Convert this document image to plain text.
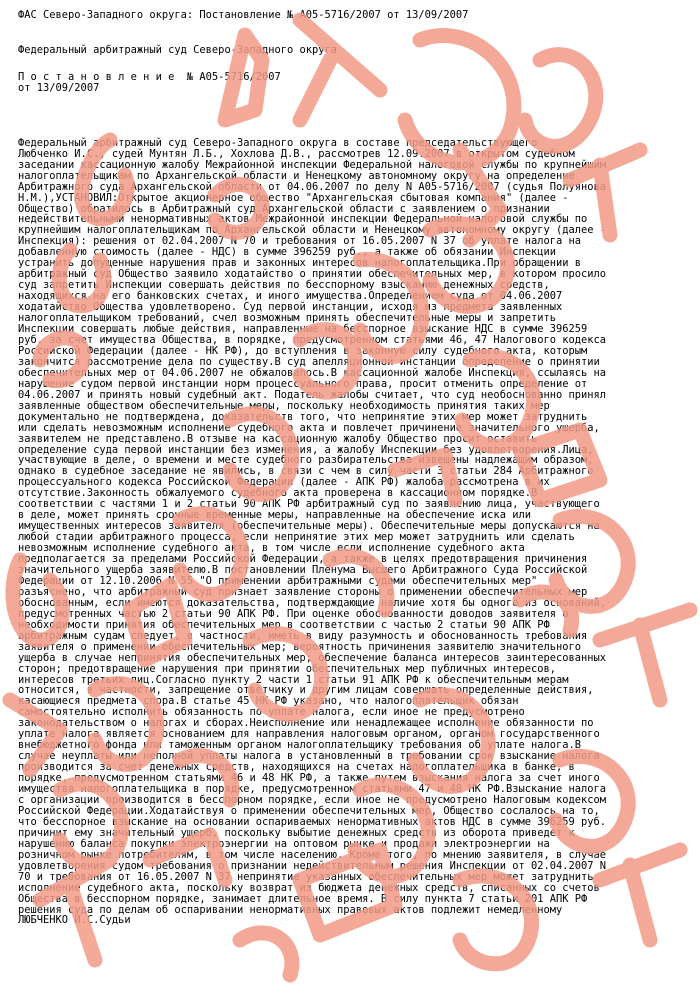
ФАС Северо-Западного округа: Постановление № А05-5716/2007 от 13/09/2007
Федеральный арбитражный суд Северо-Западного округа
П о с т а н о в л е н и е  № А05-5716/2007
от 13/09/2007
Федеральный арбитражный суд Северо-Западного округа в составе председательствующего
Любченко И.С., судей Мунтян Л.Б., Хохлова Д.В., рассмотрев 12.09.2007 в открытом судебном
заседании кассационную жалобу Межрайонной инспекции Федеральной налоговой службы по крупнейшим
налогоплательщикам по Архангельской области и Ненецкому автономному округу на определение
Арбитражного суда Архангельской области от 04.06.2007 по делу N А05-5716/2007 (судья Полуянова
Н.М.),УСТАНОВИЛ:Открытое акционерное общество "Архангельская сбытовая компания" (далее -
Общество) обратилось в Арбитражный суд Архангельской области с заявлением о признании
недействительными ненормативных актов Межрайонной инспекции Федеральной налоговой службы по
крупнейшим налогоплательщикам по Архангельской области и Ненецкому автономному округу (далее -
Инспекция): решения от 02.04.2007 N 70 и требования от 16.05.2007 N 37 об уплате налога на
добавленную стоимость (далее - НДС) в сумме 396259 руб., а также об обязании Инспекции
устранить допущенные нарушения прав и законных интересов налогоплательщика.При обращении в
арбитражный суд Общество заявило ходатайство о принятии обеспечительных мер, в котором просило
суд запретить Инспекции совершать действия по бесспорному взысканию денежных средств,
находящихся на его банковских счетах, и иного имущества.Определением суда от 04.06.2007
ходатайство Общества удовлетворено. Суд первой инстанции, исходя из предмета заявленных
налогоплательщиком требований, счел возможным принять обеспечительные меры и запретить
Инспекции совершать любые действия, направленные на бесспорное взыскание НДС в сумме 396259
руб. за счет имущества Общества, в порядке, предусмотренном статьями 46, 47 Налогового кодекса
Российской Федерации (далее - НК РФ), до вступления в законную силу судебного акта, которым
закончится рассмотрение дела по существу.В суд апелляционной инстанции определение о принятии
обеспечительных мер от 04.06.2007 не обжаловалось.В кассационной жалобе Инспекция, ссылаясь на
нарушение судом первой инстанции норм процессуального права, просит отменить определение от
04.06.2007 и принять новый судебный акт. Податель жалобы считает, что суд необоснованно принял
заявленные обществом обеспечительные меры, поскольку необходимость принятия таких мер
документально не подтверждена, доказательств того, что непринятие этих мер может затруднить
или сделать невозможным исполнение судебного акта и повлечет причинение значительного ущерба,
заявителем не представлено.В отзыве на кассационную жалобу Общество просит оставить
определение суда первой инстанции без изменения, а жалобу Инспекции без удовлетворения.Лица,
участвующие в деле, о времени и месте судебного разбирательства извещены надлежащим образом,
однако в судебное заседание не явились, в связи с чем в силу части 3 статьи 284 Арбитражного
процессуального кодекса Российской Федерации (далее - АПК РФ) жалоба рассмотрена в их
отсутствие.Законность обжалуемого судебного акта проверена в кассационном порядке.В
соответствии с частями 1 и 2 статьи 90 АПК РФ арбитражный суд по заявлению лица, участвующего
в деле, может принять срочные временные меры, направленные на обеспечение иска или
имущественных интересов заявителя (обеспечительные меры). Обеспечительные меры допускаются на
любой стадии арбитражного процесса, если непринятие этих мер может затруднить или сделать
невозможным исполнение судебного акта, в том числе если исполнение судебного акта
предполагается за пределами Российской Федерации, а также в целях предотвращения причинения
значительного ущерба заявителю.В постановлении Пленума Высшего Арбитражного Суда Российской
Федерации от 12.10.2006 N 55 "О применении арбитражными судами обеспечительных мер"
разъяснено, что арбитражный суд признает заявление стороны о применении обеспечительных мер
обоснованным, если имеются доказательства, подтверждающие наличие хотя бы одного из оснований,
предусмотренных частью 2 статьи 90 АПК РФ. При оценке обоснованности доводов заявителя о
необходимости принятия обеспечительных мер в соответствии с частью 2 статьи 90 АПК РФ
арбитражным судам следует, в частности, иметь в виду разумность и обоснованность требования
заявителя о применении обеспечительных мер; вероятность причинения заявителю значительного
ущерба в случае непринятия обеспечительных мер; обеспечение баланса интересов заинтересованных
сторон; предотвращение нарушения при принятии обеспечительных мер публичных интересов,
интересов третьих лиц.Согласно пункту 2 части 1 статьи 91 АПК РФ к обеспечительным мерам
относится, в частности, запрещение ответчику и другим лицам совершать определенные действия,
касающиеся предмета спора.В статье 45 НК РФ указано, что налогоплательщик обязан
самостоятельно исполнить обязанность по уплате налога, если иное не предусмотрено
законодательством о налогах и сборах.Неисполнение или ненадлежащее исполнение обязанности по
уплате налога является основанием для направления налоговым органом, органом государственного
внебюджетного фонда или таможенным органом налогоплательщику требования об уплате налога.В
случае неуплаты или неполной уплаты налога в установленный в требовании срок взыскание налога
производится за счет денежных средств, находящихся на счетах налогоплательщика в банке, в
порядке, предусмотренном статьями 46 и 48 НК РФ, а также путем взыскания налога за счет иного
имущества налогоплательщика в порядке, предусмотренном статьями 47 и 48 НК РФ.Взыскание налога
с организации производится в бесспорном порядке, если иное не предусмотрено Налоговым кодексом
Российской Федерации.Ходатайствуя о применении обеспечительных мер, Общество сослалось на то,
что бесспорное взыскание на основании оспариваемых ненормативных актов НДС в сумме 396259 руб.
причинит ему значительный ущерб, поскольку выбытие денежных средств из оборота приведет к
нарушению баланса покупки электроэнергии на оптовом рынке и продажи электроэнергии на
розничном рынке потребителям, в том числе населению. Кроме того, по мнению заявителя, в случае
удовлетворения судом требования о признании недействительным решения Инспекции от 02.04.2007 N
70 и требования от 16.05.2007 N 37 непринятие указанных обеспечительных мер может затруднить
исполнение судебного акта, поскольку возврат из бюджета денежных средств, списанных со счетов
Общества в бесспорном порядке, занимает длительное время. В силу пункта 7 статьи 201 АПК РФ
решения суда по делам об оспаривании ненормативных правовых актов подлежит немедленному
ЛЮБЧЕНКО И.С.Судьи
